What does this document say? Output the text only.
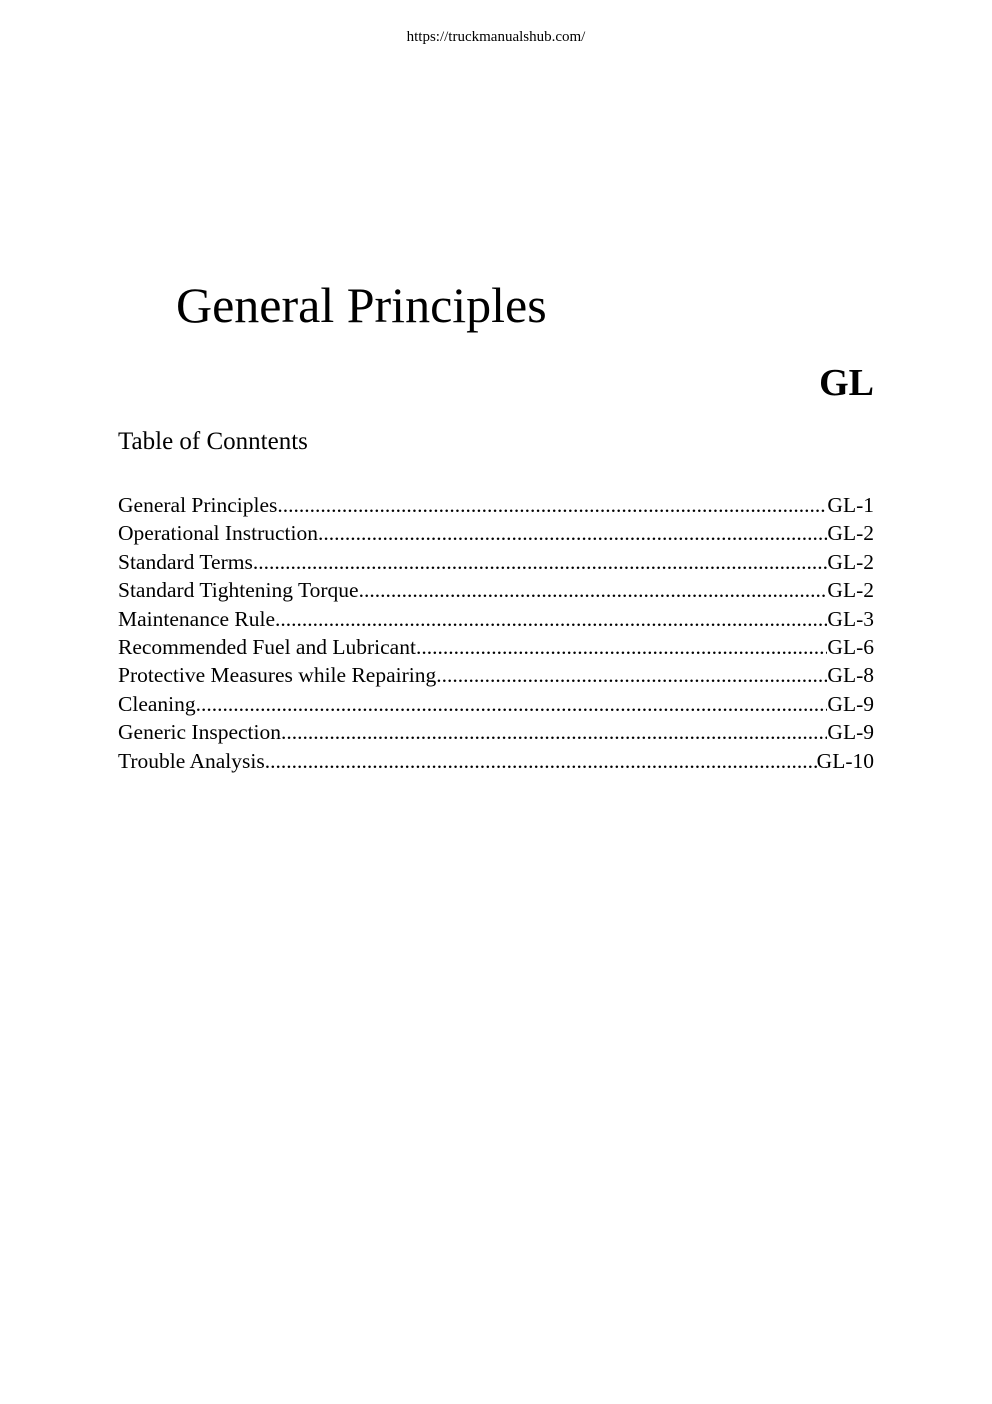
https://truckmanualshub.com/
General Principles
GL
Table of Conntents
General Principles .....	GL-1
Operational Instruction .....	GL-2
Standard Terms .....	GL-2
Standard Tightening Torque .....	GL-2
Maintenance Rule .....	GL-3
Recommended Fuel and Lubricant .....	GL-6
Protective Measures while Repairing .....	GL-8
Cleaning .....	GL-9
Generic Inspection .....	GL-9
Trouble Analysis .....	GL-10
